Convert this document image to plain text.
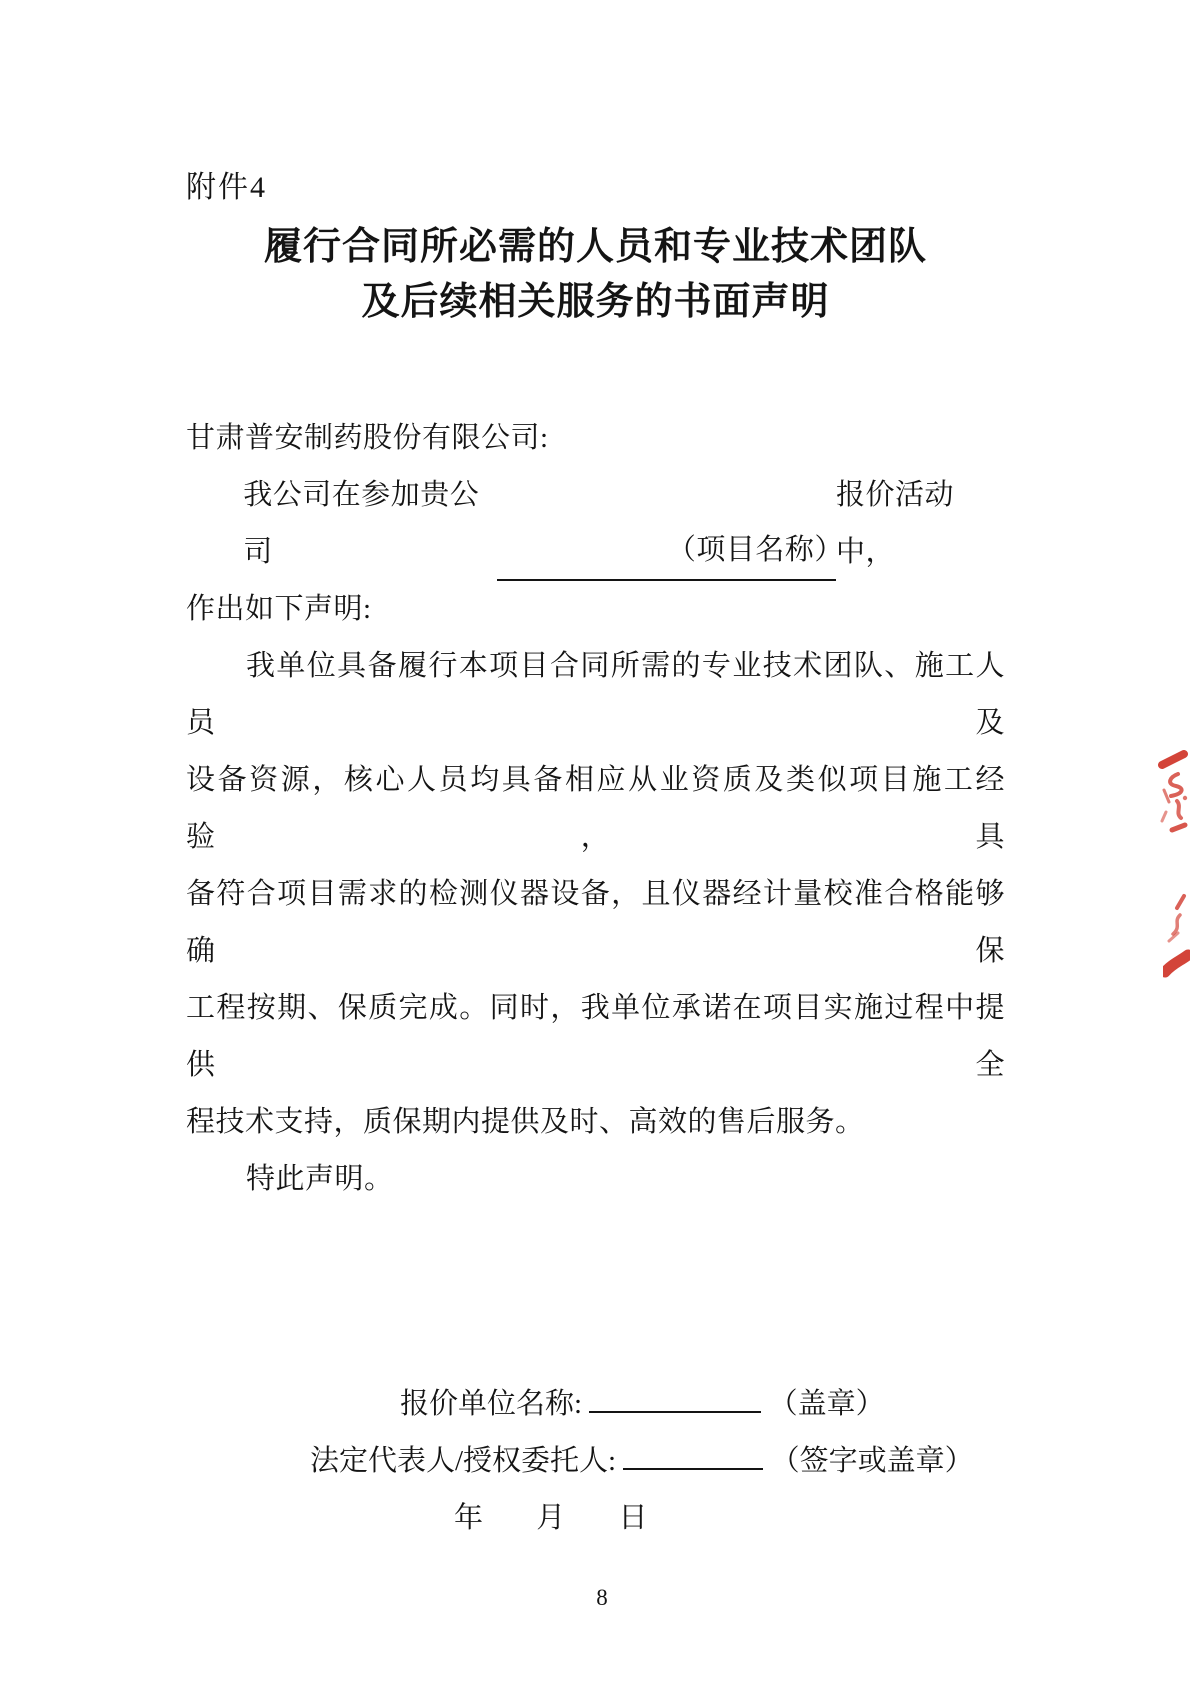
附件4
履行合同所必需的人员和专业技术团队
及后续相关服务的书面声明
甘肃普安制药股份有限公司:
我公司在参加贵公司	（项目名称）
报价活动中，
作出如下声明:
我单位具备履行本项目合同所需的专业技术团队、施工人员及
设备资源，核心人员均具备相应从业资质及类似项目施工经验，具
备符合项目需求的检测仪器设备，且仪器经计量校准合格能够确保
工程按期、保质完成。同时，我单位承诺在项目实施过程中提供全
程技术支持，质保期内提供及时、高效的售后服务。
特此声明。
报价单位名称:	（盖章）
法定代表人/授权委托人:	（签字或盖章）
年 月 日
8
